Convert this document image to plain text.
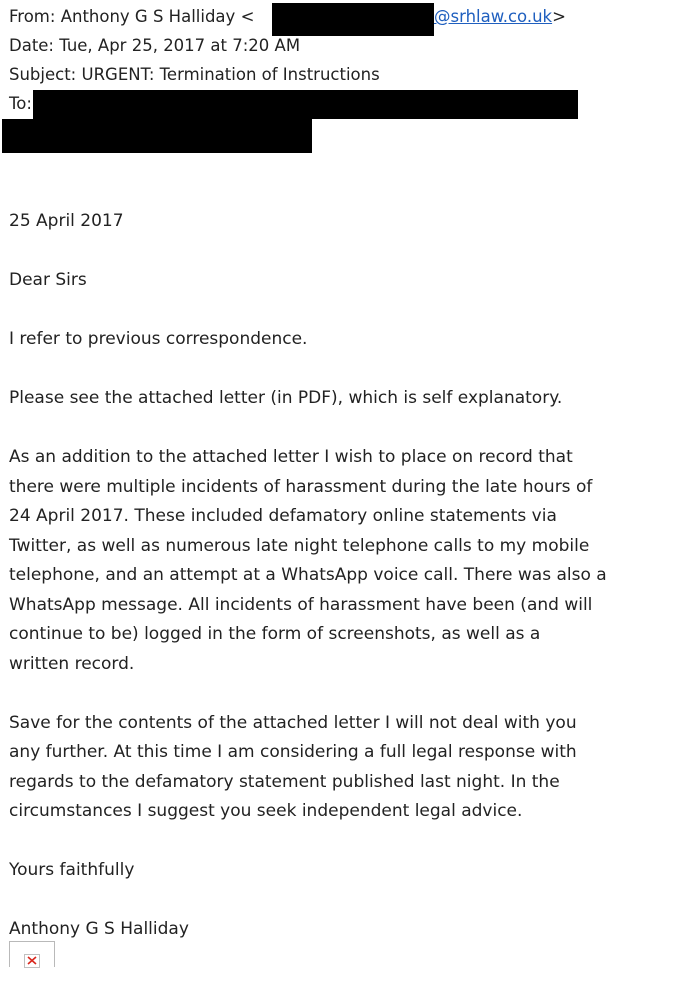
From: Anthony G S Halliday <	@srhlaw.co.uk>
Date: Tue, Apr 25, 2017 at 7:20 AM
Subject: URGENT: Termination of Instructions
To:

25 April 2017

Dear Sirs

I refer to previous correspondence.

Please see the attached letter (in PDF), which is self explanatory.

As an addition to the attached letter I wish to place on record that

there were multiple incidents of harassment during the late hours of

24 April 2017. These included defamatory online statements via

Twitter, as well as numerous late night telephone calls to my mobile

telephone, and an attempt at a WhatsApp voice call. There was also a

WhatsApp message. All incidents of harassment have been (and will

continue to be) logged in the form of screenshots, as well as a

written record.

Save for the contents of the attached letter I will not deal with you

any further. At this time I am considering a full legal response with

regards to the defamatory statement published last night. In the

circumstances I suggest you seek independent legal advice.

Yours faithfully

Anthony G S Halliday
